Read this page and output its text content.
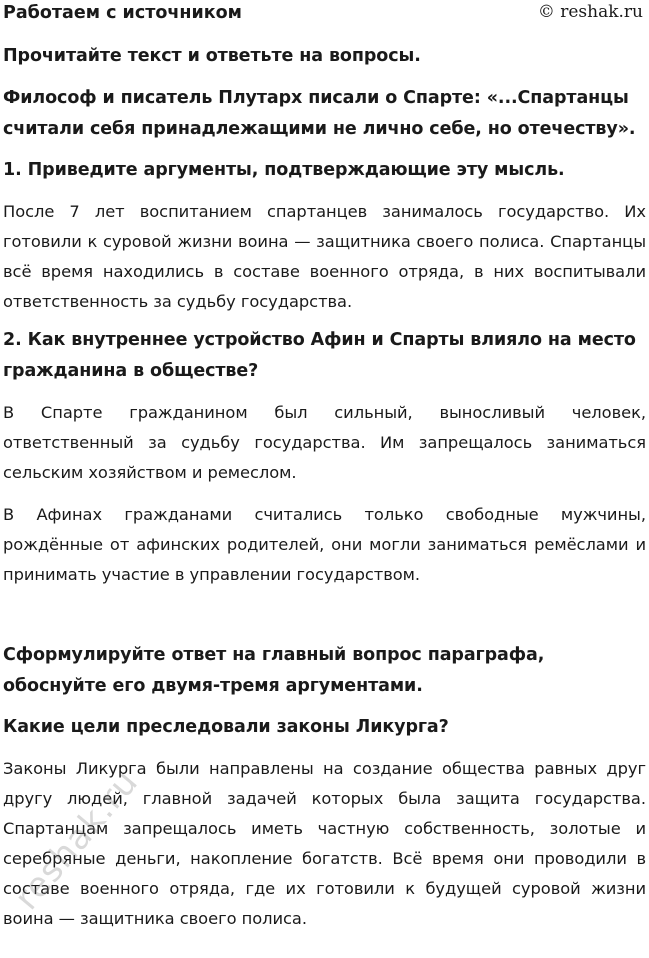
Работаем с источником	© reshak.ru

Прочитайте текст и ответьте на вопросы.

Философ и писатель Плутарх писали о Спарте: «...Спартанцы считали себя принадлежащими не лично себе, но отечеству».

1. Приведите аргументы, подтверждающие эту мысль.

После 7 лет воспитанием спартанцев занималось государство. Их готовили к суровой жизни воина — защитника своего полиса. Спартанцы всё время находились в составе военного отряда, в них воспитывали ответственность за судьбу государства.

2. Как внутреннее устройство Афин и Спарты влияло на место гражданина в обществе?

В Спарте гражданином был сильный, выносливый человек, ответственный за судьбу государства. Им запрещалось заниматься сельским хозяйством и ремеслом.

В Афинах гражданами считались только свободные мужчины, рождённые от афинских родителей, они могли заниматься ремёслами и принимать участие в управлении государством.

Сформулируйте ответ на главный вопрос параграфа, обоснуйте его двумя-тремя аргументами.

Какие цели преследовали законы Ликурга?

Законы Ликурга были направлены на создание общества равных друг другу людей, главной задачей которых была защита государства. Спартанцам запрещалось иметь частную собственность, золотые и серебряные деньги, накопление богатств. Всё время они проводили в составе военного отряда, где их готовили к будущей суровой жизни воина — защитника своего полиса.

reshak.ru
